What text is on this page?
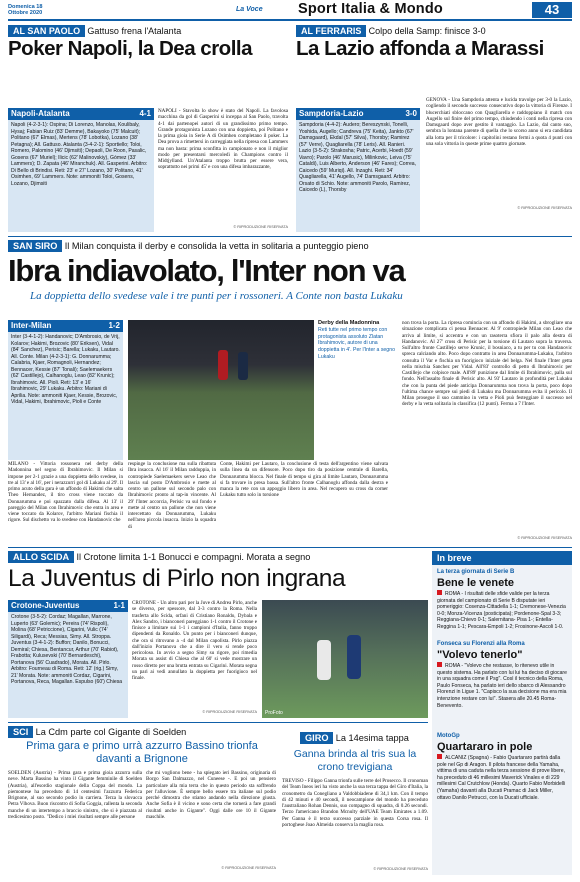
Domenica 18
Ottobre 2020
La Voce Sport Italia & Mondo	43
AL SAN PAOLO Gattuso frena l'Atalanta
Poker Napoli, la Dea crolla
Napoli-Atalanta	4-1
Napoli (4-2-3-1): Ospina; Di Lorenzo, Manolas, Koulibaly, Hysaj; Fabian Ruiz (83' Demme), Bakayoko (75' Malcuit); Politano (67' Elmas), Mertens (78' Lobotka), Lozano (38' Petagna); All. Gattuso. Atalanta (3-4-2-1): Sportiello; Toloi, Romero, Palomino (46' Djimsiti); Depaoli, De Roon, Pasalic, Gosens (67' Muriel); Ilicic (62' Malinovskiy), Gómez (33' Lammers); D. Zapata (46' Miranchuk). All. Gasperini. Arbitro: Di Bello di Brindisi. Reti: 23' e 27' Lozano, 30' Politano, 41' Osimhen, 69' Lammers. Note: ammoniti Toloi, Gosens, Lozano, Djimsiti
NAPOLI - Stavolta lo show è stato del Napoli. La favolosa macchina da gol di Gasperini si inceppa al San Paolo, travolta 4-1 dai partenopei autori di un grandissimo primo tempo. Grande protagonista Lozano con una doppietta, poi Politano e la prima gioia in Serie A di Osimhen completano il poker. La Dea prova a rimettersi in carreggiata nella ripresa con Lammers ma non basta: prima sconfitta in campionato e non il miglior modo per presentarsi mercoledì in Champions contro il Midtjylland. Un'Atalanta troppo brutta per essere vera, soprattutto nei primi 45' e con una difesa imbarazzante,
© RIPRODUZIONE RISERVATA
AL FERRARIS Colpo della Samp: finisce 3-0
La Lazio affonda a Marassi
Sampdoria-Lazio	3-0
Sampdoria (4-4-2): Audero; Bereszynski, Tonelli, Yoshida, Augello; Candreva (75' Keita), Jankto (67' Damsgaard), Ekdal (57' Silva), Thorsby; Ramirez (57' Verre), Quagliarella (78' Leris). All. Ranieri. Lazio (3-5-2): Strakosha; Patric, Acerbi, Hoedt (59' Vavro); Parolo (46' Marusic), Milinkovic, Leiva (75' Cataldi), Luis Alberto, Anderson (46' Fares); Correa, Caicedo (59' Muriqi). All. Inzaghi. Reti: 34' Quagliarella, 41' Augello, 74' Damsgaard. Arbitro: Orsato di Schio. Note: ammoniti Parolo, Ramirez, Caicedo (L), Thorsby
GENOVA - Una Sampdoria attenta e lucida travolge per 3-0 la Lazio, cogliendo il secondo successo consecutivo dopo la vittoria di Firenze. I blucerchiati sbloccano con Quagliarella e raddoppiano il match con Augello sul finire del primo tempo, chiudendo i conti nella ripresa con Damsgaard dopo aver gestito il vantaggio. La Lazio, dal canto suo, sembra la lontana parente di quella che lo scorso anno si era candidata alla lotta per il tricolore: i capitolini restano fermi a quota 4 punti con una sola vittoria in queste prime quattro giornate.
© RIPRODUZIONE RISERVATA
SAN SIRO Il Milan conquista il derby e consolida la vetta in solitaria a punteggio pieno
Ibra indiavolato, l'Inter non va
La doppietta dello svedese vale i tre punti per i rossoneri. A Conte non basta Lukaku
Inter-Milan	1-2
Inter (3-4-1-2): Handanovic; D'Ambrosio, de Vrij, Kolarov; Hakimi, Brozovic (80' Eriksen), Vidal (84' Sanchez), Perisic; Barella; Lukaku, Lautaro. All. Conte. Milan (4-2-3-1): G. Donnarumma; Calabria, Kjaer, Romagnoli, Hernandez; Bennacer, Kessie (87' Tonali); Saelemaekers (62' Castillejo), Calhanoglu, Leao (82' Krunic); Ibrahimovic. All. Pioli. Reti: 13' e 16' Ibrahimovic, 29' Lukaku. Arbitro: Mariani di Aprilia. Note: ammoniti Kjaer, Kessie, Brozovic, Vidal, Hakimi, Ibrahimovic, Pioli e Conte
Derby della Madonnina
Reti tutte nel primo tempo con protagonista assoluto Zlatan Ibrahimovic, autore di una doppietta in 4'. Per l'Inter a segno Lukaku
MILANO - Vittoria rossonera nel derby della Madonnina nel segno di Ibrahimovic. Il Milan si impone per 2-1 grazie a una doppietta dello svedese, in tre al 13' e al 16', per i nerazzurri gol di Lukaku al 29'. Il primo acuto della gara è un affondo di Hakimi che salta Theo Hernandez, il tiro cross viene toccato da Donnarumma e poi spazzato dalla difesa. Al 13' il pareggio del Milan con Ibrahimovic che entra in area e viene toccato da Kolarov, l'arbitro Mariani fischia il rigore. Sul dischetto va lo svedese con Handanovic che
respinge la conclusione ma sulla ribattuta Ibra insacca. Al 16' il Milan raddoppia, in contropiede Saelemaekers serve Leao che lascia sul posto D'Ambrosio e mette al centro un pallone sul secondo palo con Ibrahimovic pronto al tap-in vincente. Al 29' l'Inter accorcia, Perisic va sul fondo e mette al centro un pallone che non viene intercettato da Donnarumma, Lukaku nell'area piccola insacca. Inizio la squadra di
Conte, Hakimi per Lautaro, la conclusione di testa dell'argentino viene salvata sulla linea da un difensore. Poco dopo tiro da posizione centrale di Barella, Donnarumma blocca. Nel finale di tempo si gira al limite Lautaro, Donnarumma si fa trovare in presa bassa. Sull'altro fronte Calhanoglu affonda dalla destra e manca la rete con un appoggio libero in area. Nel recupero su cross da corner Lukaku tutto solo in torsione
non trova la porta. La ripresa comincia con un affondo di Hakimi, a sbrogliare una situazione complicata ci pensa Bennacer. Al 9' contropiede Milan con Leao che arriva al limite, si accentra e con un rasoterra sfiora il palo alla destra di Handanovic. Al 27' cross di Perisic per la torsione di Lautaro sopra la traversa. Sull'altro fronte Castillejo serve Krunic, il bosniaco, a tu per tu con Handanovic spreca calciando alto. Poco dopo contratto in area Donnarumma-Lukaku, l'arbitro consulta il Var e fischia un fuorigioco iniziale del belga. Nel finale l'Inter getta nella mischia Sanchez per Vidal. All'83' controllo di petto di Ibrahimovic per Castillejo che colpisce male. All'89' punizione dal limite di Ibrahimovic, palla sul fondo. Nell'assalto finale di Perisic alto. Al 93' Lautaro in profondità per Lukaku che con la punta del piede anticipa Donnarumma non trova la porta, poco dopo l'ultima chance sempre sui piedi di Lukaku ma Donnarumma evita il pericolo. Il Milan prosegue il suo cammino in vetta e Pioli può festeggiare il successo nel derby e la vetta solitaria in classifica (12 punti). Ferma a 7 l'Inter.
© RIPRODUZIONE RISERVATA
ALLO SCIDA Il Crotone limita 1-1 Bonucci e compagni. Morata a segno
La Juventus di Pirlo non ingrana
Crotone-Juventus	1-1
Crotone (3-5-2): Cordaz; Magallan, Marrone, Luperto (63' Golemic); Pereira (74' Rispoli), Molina (68' Petriccione), Cigarini, Vulic (74' Siligardi), Reca; Messias, Simy. All. Stroppa. Juventus (3-4-1-2): Buffon; Danilo, Bonucci, Demiral; Chiesa, Bentancur, Arthur (70' Rabiot), Frabotta; Kulusevski (70' Bernardeschi), Portanova (56' Cuadrado), Morata. All. Pirlo. Arbitro: Fourneau di Roma. Reti: 12' (rig.) Simy, 21' Morata. Note: ammoniti Cordaz, Cigarini, Portanova, Reca, Magallan. Espulso (60') Chiesa
CROTONE - Un altro pari per la Juve di Andrea Pirlo, anche se diverso, per spessore, dal 3-3 contro la Roma. Nella trasferta allo Scida, orfani di Cristiano Ronaldo, Dybala e Alex Sandro, i bianconeri pareggiano 1-1 contro il Crotone e finisce a limitare sui 1-1 i campioni d'Italia, fanno troppo dipendenti da Ronaldo. Un punto per i bianconeri dunque, che ora si ritrovano a -4 dal Milan capolista. Pirlo piazza dall'inizio Portanova che a dire il vero si rende poco pericoloso. In avvio a segno Simy su rigore, poi rimedia Morata su assist di Chiesa che al 60' si vede mostrare un rosso diretto per una brutta entrata su Cigarini. Morata segna un pari ai vedi annullato la doppietta per fuorigioco nel finale.
© RIPRODUZIONE RISERVATA ProFoto
SCI La Cdm parte col Gigante di Soelden
Prima gara e primo urrà azzurro Bassino trionfa davanti a Brignone
SOELDEN (Austria) - Prima gara e prima gioia azzurra sulla neve. Marta Bassino ha vinto il Gigante femminile di Soelden (Austria), all'esordio stagionale della Coppa del mondo. La piemontese ha preceduto di 14 centesimi l'azzurra Federica Brignone, al suo secondo podio in carriera. Terza la slovacca Petra Vlhova. Buon riscontro di Sofia Goggia, rallenta la seconda manche di un intertempo a braccio sinistro, che si è piazzata al tredicesimo posto. "Dedico i miei risultati sempre alle persone
che mi vogliono bene - ha spiegato ieri Bassino, originaria di Borgo San Dalmazzo, nel Cuneese -. E poi un pensiero particolare alla mia terra che in questo periodo sta soffrendo per l'alluvione. È sempre bello essere tra italiane sul podio perché dimostra che stiamo andando nella direzione giusta. Anche Sofia è il vicino e sono certa che tornerà a fare grandi risultati anche in Gigante". Oggi dalle ore 10 il Gigante maschile.
© RIPRODUZIONE RISERVATA
GIRO La 14esima tappa
Ganna brinda al tris sua la crono trevigiana
TREVISO - Filippo Ganna trionfa sulle terre del Prosecco. Il cronoman del Team Ineos ieri ha visto anche la sua terza tappa del Giro d'Italia, la cronometro da Conegliano a Valdobbiadene di 34,1 km. Con il tempo di 42 minuti e 40 secondi, il neocampione del mondo ha preceduto l'australiano Rohan Dennis, suo compagno di squadra, di 0.26 secondi. Terzo l'americano Brandon Mcnulty dell'UAE Team Emirates a 1.09. Per Ganna è il terzo successo parziale in questa Corsa rosa. Il portoghese Joao Almeida conserva la maglia rosa.
© RIPRODUZIONE RISERVATA
In breve
La terza giornata di Serie B
Bene le venete
ROMA - I risultati delle sfide valide per la terza giornata del campionato di Serie B disputate ieri pomeriggio: Cosenza-Cittadella 1-1; Cremonese-Venezia 0-0; Monza-Vicenza (posticipata); Pordenone-Spal 3-3; Reggiana-Chievo 0-1; Salernitana- Pisa 1-; Entella-Reggina 1-1; Pescara-Empoli 1-2; Frosinone-Ascoli 1-0.
Fonseca su Florenzi alla Roma
"Volevo tenerlo"
ROMA - "Volevo che restasse, lo ritenevo utile in questo sistema. Ha parlato con lui lui ha deciso di giocare in una squadra come il Psg". Così il tecnico della Roma, Paulo Fonseca, ha parlato ieri dello sbarco di Alessandro Florenzi in Ligue 1. "Capisco la sua decisione ma era mia intenzione restare con lui". Stasera alle 20.45 Roma-Benevento.
MotoGp
Quartararo in pole
ALCANIZ (Spagna) - Fabio Quartararo partirà dalla pole nel Gp di Aragon. Il pilota francese della Yamaha, vittima di una caduta nella terza sessione di prove libere, ha preceduto di 46 millesimi Maverick Vinales e di 229 millesimi Cal Crutchlow (Honda). Quarto Fabio Morbidelli (Yamaha) davanti alla Ducati Pramac di Jack Miller, ottavo Danilo Petrucci, con la Ducati ufficiale.
